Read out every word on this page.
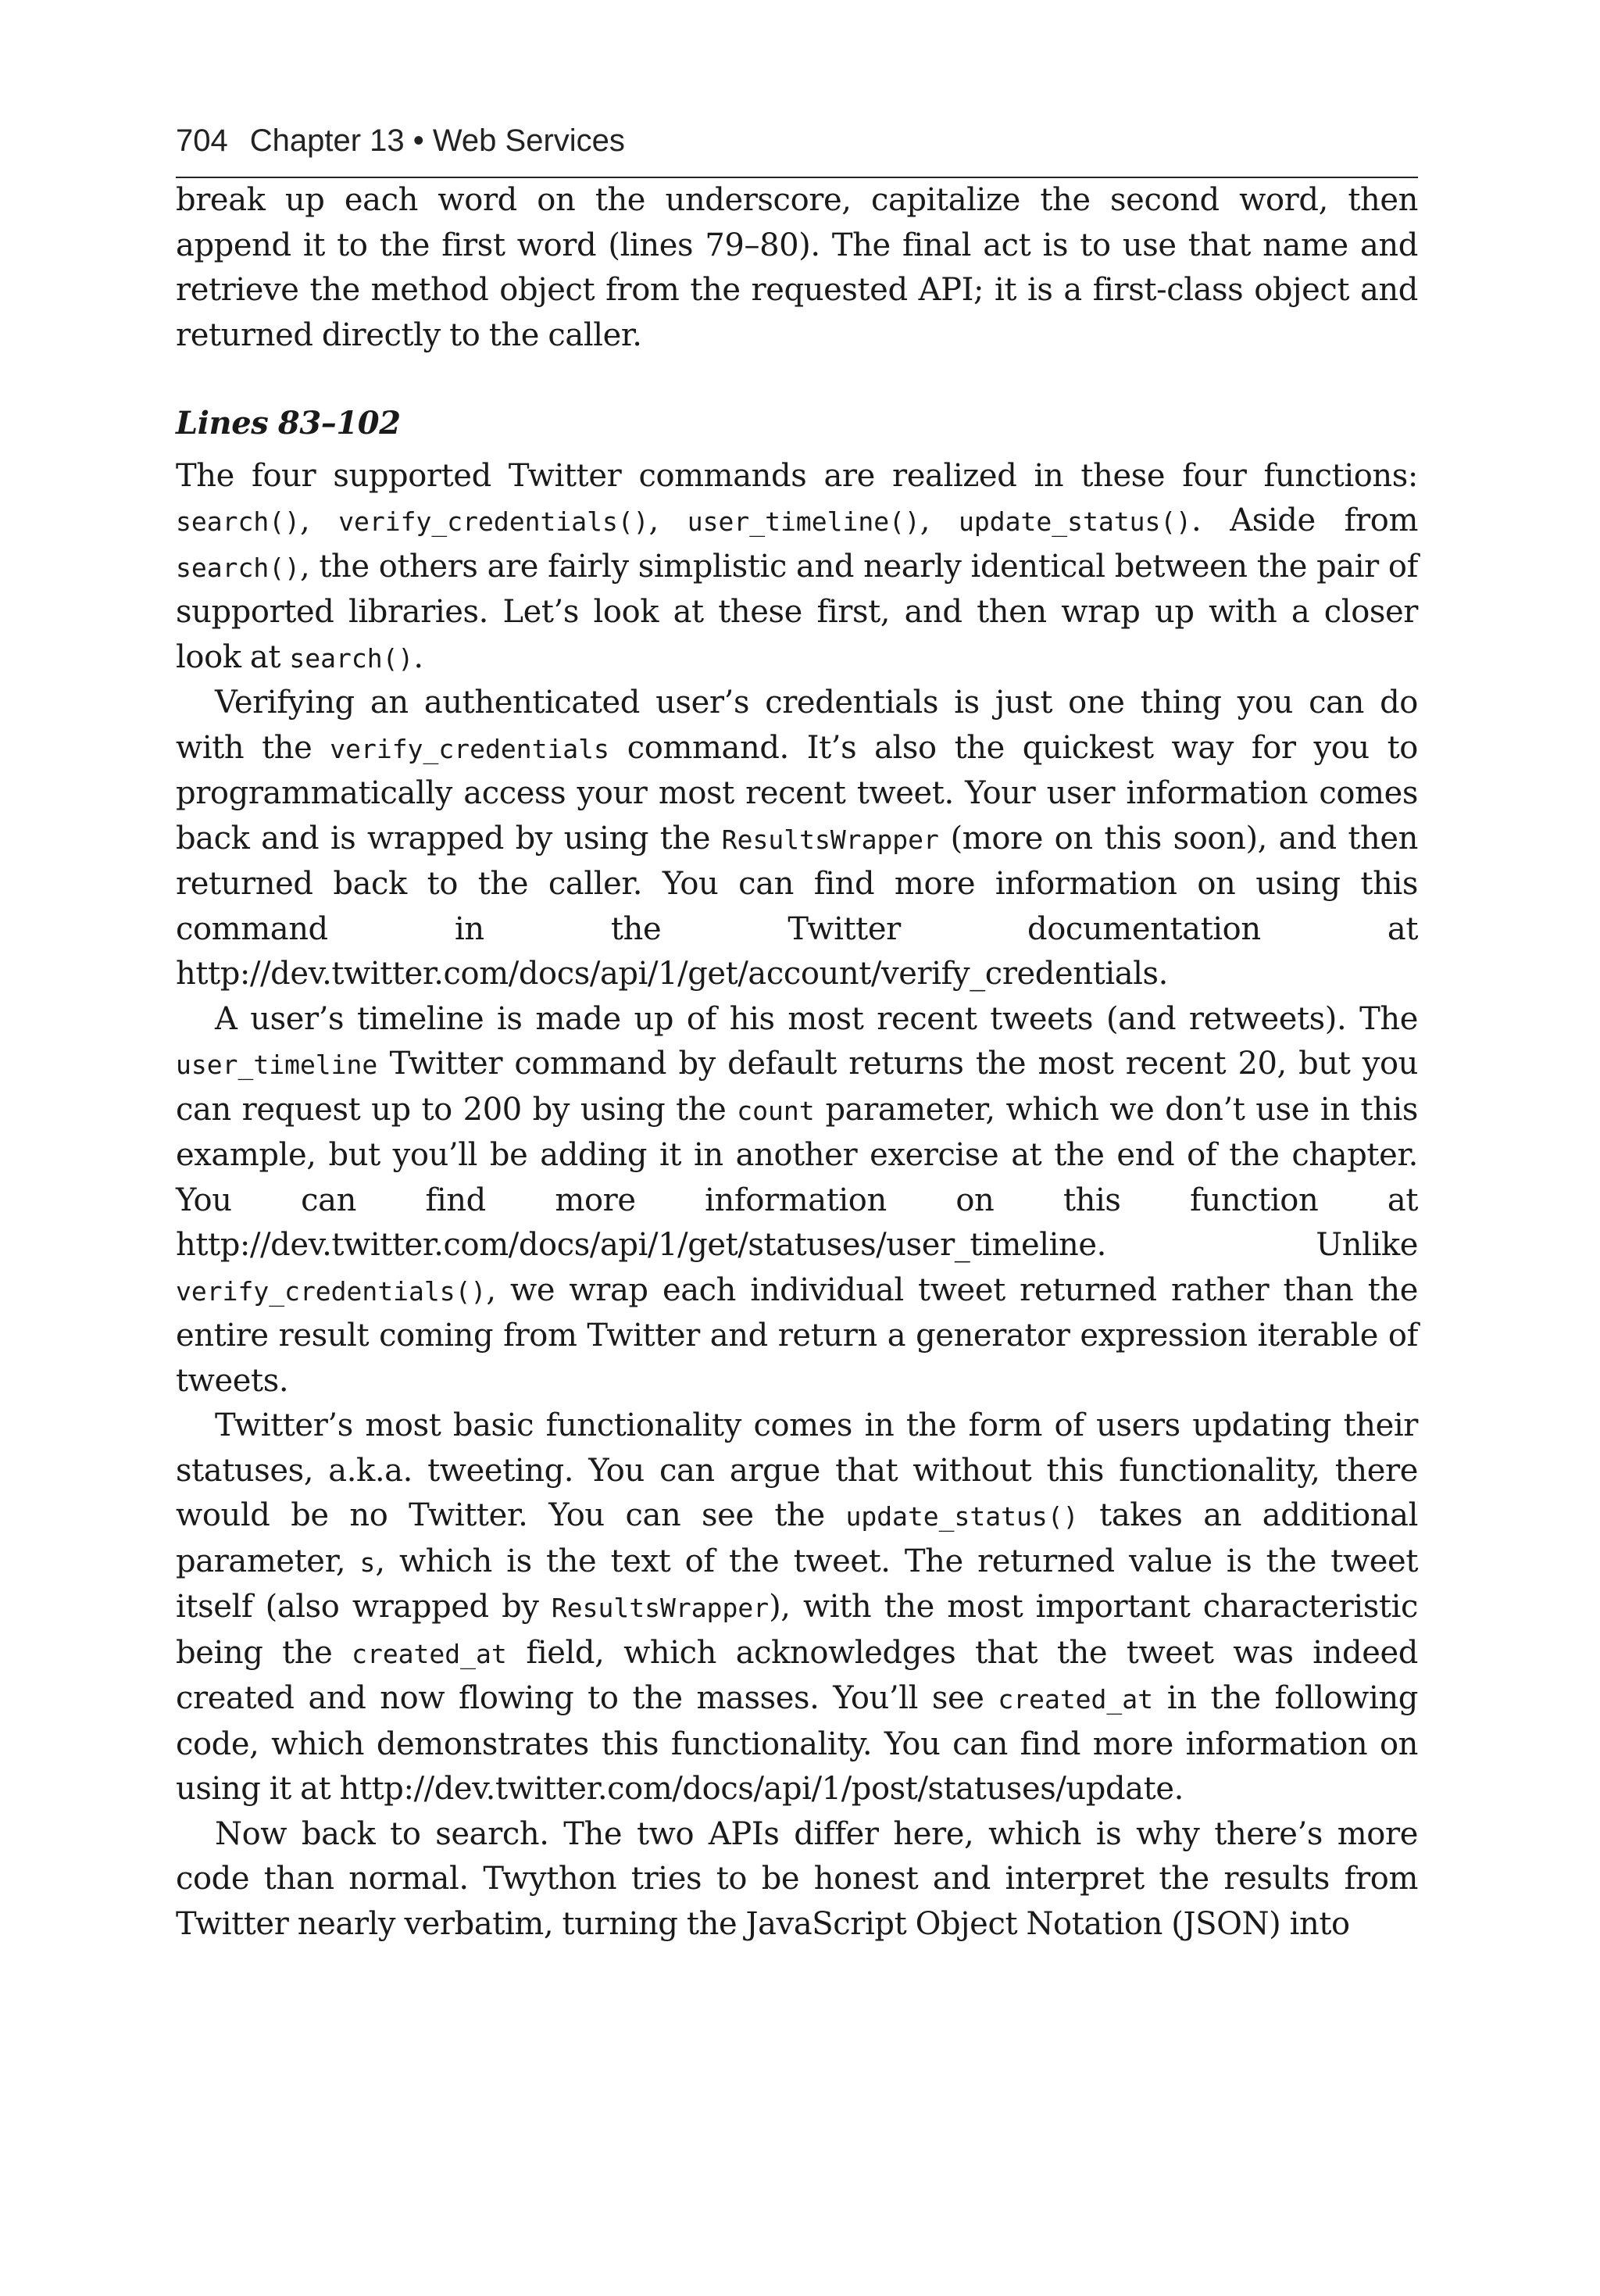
704 Chapter 13 • Web Services

break up each word on the underscore, capitalize the second word, then append it to the first word (lines 79–80). The final act is to use that name and retrieve the method object from the requested API; it is a first-class object and returned directly to the caller.

Lines 83–102

The four supported Twitter commands are realized in these four functions: search(), verify_credentials(), user_timeline(), update_status(). Aside from search(), the others are fairly simplistic and nearly identical between the pair of supported libraries. Let’s look at these first, and then wrap up with a closer look at search().

Verifying an authenticated user’s credentials is just one thing you can do with the verify_credentials command. It’s also the quickest way for you to programmatically access your most recent tweet. Your user information comes back and is wrapped by using the ResultsWrapper (more on this soon), and then returned back to the caller. You can find more information on using this command in the Twitter documentation at http://dev.twitter.com/docs/api/1/get/account/verify_credentials.

A user’s timeline is made up of his most recent tweets (and retweets). The user_timeline Twitter command by default returns the most recent 20, but you can request up to 200 by using the count parameter, which we don’t use in this example, but you’ll be adding it in another exercise at the end of the chapter. You can find more information on this function at http://dev.twitter.com/docs/api/1/get/statuses/user_timeline. Unlike verify_credentials(), we wrap each individual tweet returned rather than the entire result coming from Twitter and return a generator expression iterable of tweets.

Twitter’s most basic functionality comes in the form of users updating their statuses, a.k.a. tweeting. You can argue that without this functionality, there would be no Twitter. You can see the update_status() takes an additional parameter, s, which is the text of the tweet. The returned value is the tweet itself (also wrapped by ResultsWrapper), with the most important characteristic being the created_at field, which acknowledges that the tweet was indeed created and now flowing to the masses. You’ll see created_at in the following code, which demonstrates this functionality. You can find more information on using it at http://dev.twitter.com/docs/api/1/post/statuses/update.

Now back to search. The two APIs differ here, which is why there’s more code than normal. Twython tries to be honest and interpret the results from Twitter nearly verbatim, turning the JavaScript Object Notation (JSON) into
